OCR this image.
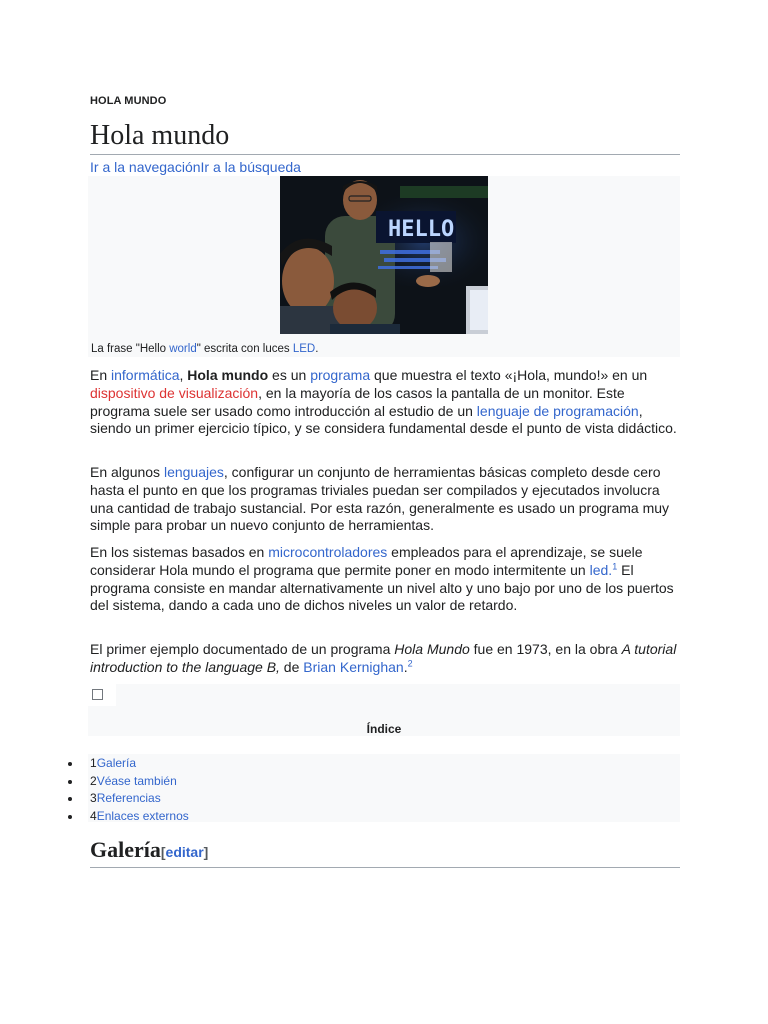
HOLA MUNDO
Hola mundo
Ir a la navegaciónIr a la búsqueda
HELLO
La frase "Hello world" escrita con luces LED.

En informática, Hola mundo es un programa que muestra el texto «¡Hola, mundo!» en un dispositivo de visualización, en la mayoría de los casos la pantalla de un monitor. Este programa suele ser usado como introducción al estudio de un lenguaje de programación, siendo un primer ejercicio típico, y se considera fundamental desde el punto de vista didáctico.

En algunos lenguajes, configurar un conjunto de herramientas básicas completo desde cero hasta el punto en que los programas triviales puedan ser compilados y ejecutados involucra una cantidad de trabajo sustancial. Por esta razón, generalmente es usado un programa muy simple para probar un nuevo conjunto de herramientas.

En los sistemas basados en microcontroladores empleados para el aprendizaje, se suele considerar Hola mundo el programa que permite poner en modo intermitente un led.$^1$ El programa consiste en mandar alternativamente un nivel alto y uno bajo por uno de los puertos del sistema, dando a cada uno de dichos niveles un valor de retardo.

El primer ejemplo documentado de un programa Hola Mundo fue en 1973, en la obra A tutorial introduction to the language B, de Brian Kernighan.$^2$

Índice
1Galería
2Véase también
3Referencias
4Enlaces externos
Galería[editar]
